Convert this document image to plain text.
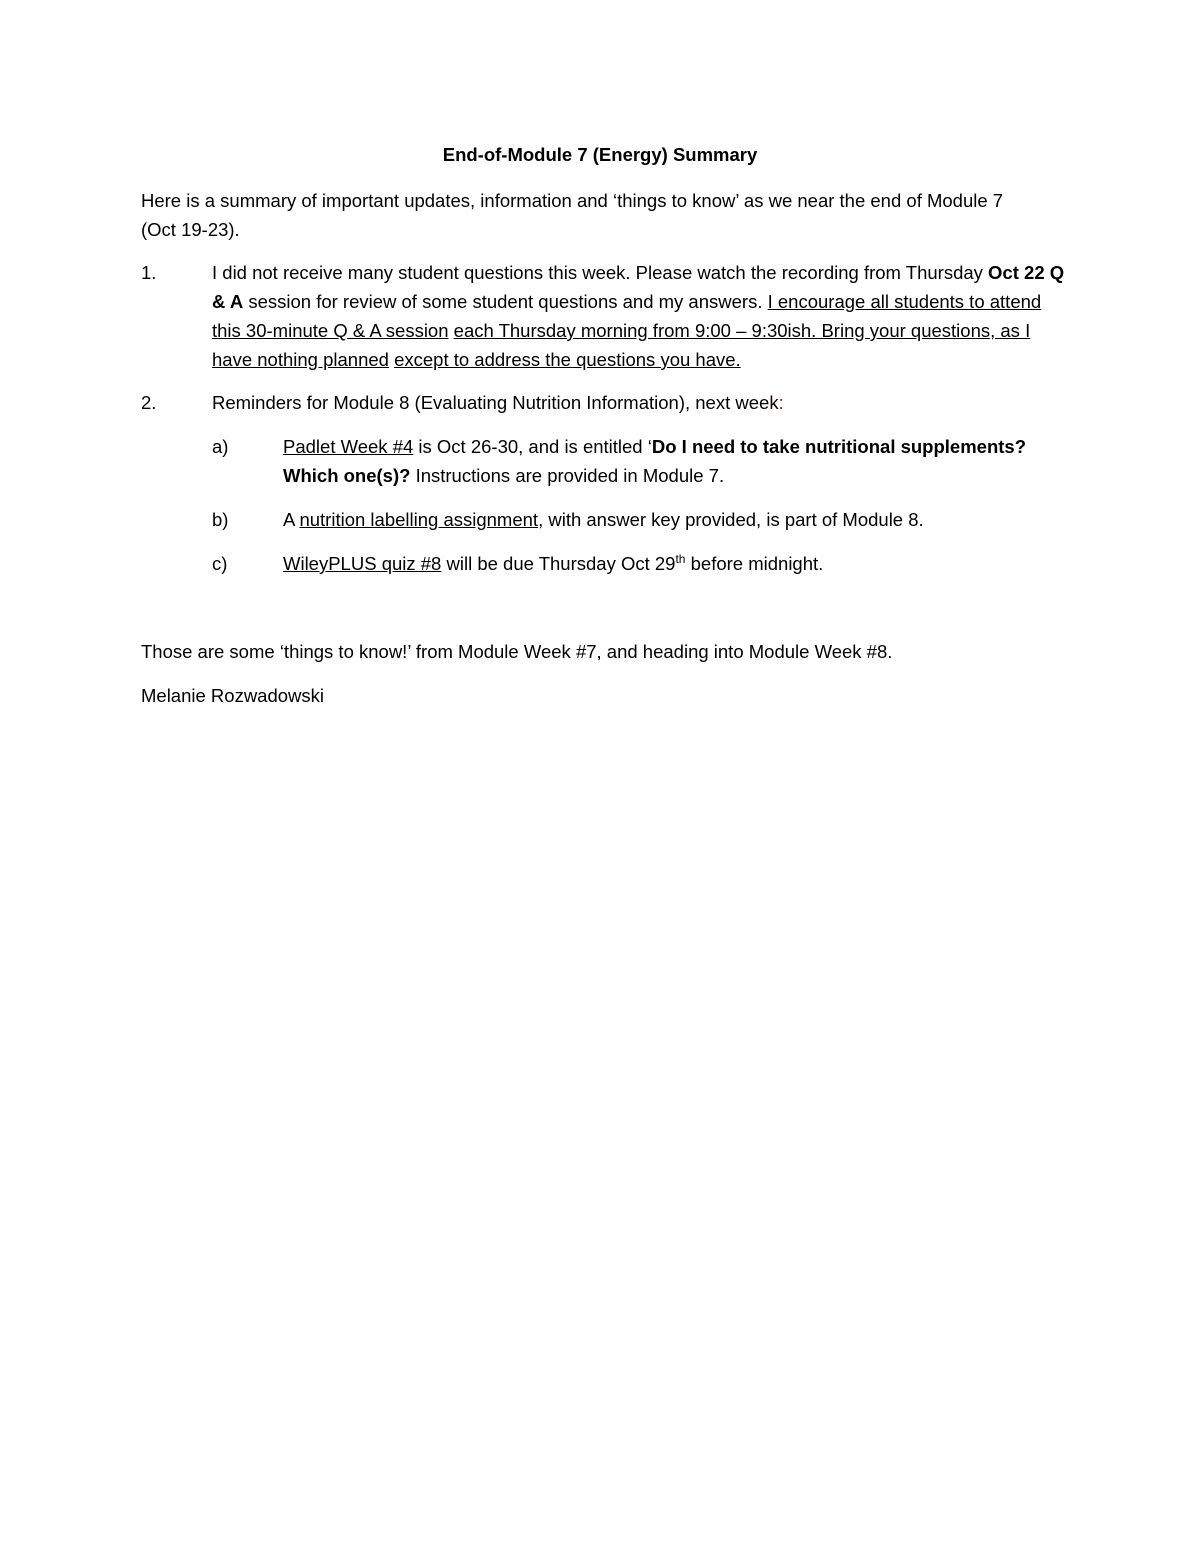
End-of-Module 7 (Energy) Summary
Here is a summary of important updates, information and ‘things to know’ as we near the end of Module 7 (Oct 19-23).
1.	I did not receive many student questions this week. Please watch the recording from Thursday Oct 22 Q & A session for review of some student questions and my answers. I encourage all students to attend this 30-minute Q & A session each Thursday morning from 9:00 – 9:30ish. Bring your questions, as I have nothing planned except to address the questions you have.
2.	Reminders for Module 8 (Evaluating Nutrition Information), next week:
a)	Padlet Week #4 is Oct 26-30, and is entitled ‘Do I need to take nutritional supplements? Which one(s)? Instructions are provided in Module 7.
b)	A nutrition labelling assignment, with answer key provided, is part of Module 8.
c)	WileyPLUS quiz #8 will be due Thursday Oct 29th before midnight.
Those are some ‘things to know!’ from Module Week #7, and heading into Module Week #8.
Melanie Rozwadowski
